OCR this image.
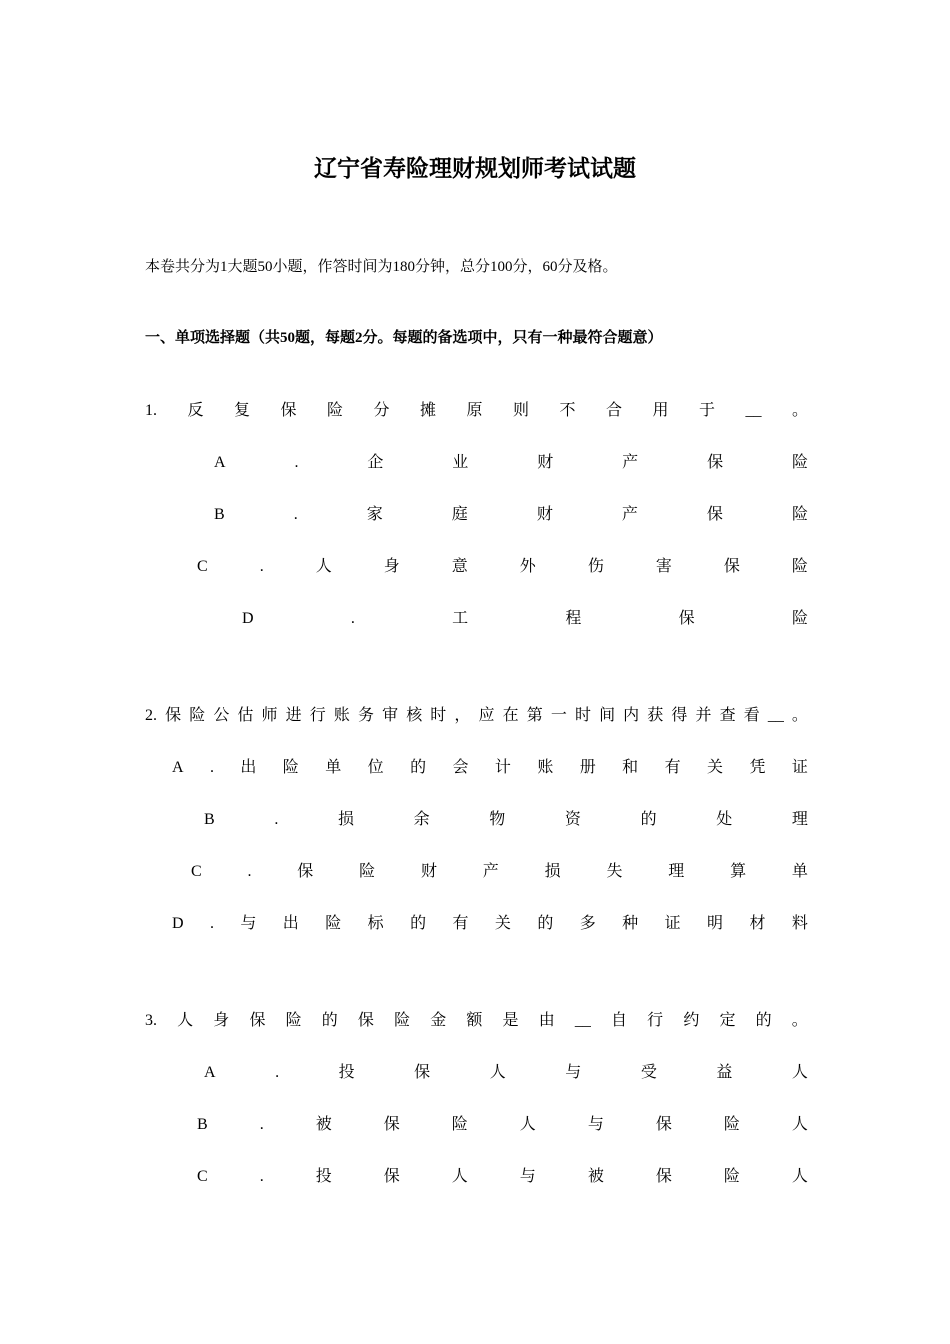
辽宁省寿险理财规划师考试试题

本卷共分为1大题50小题，作答时间为180分钟，总分100分，60分及格。

一、单项选择题（共50题，每题2分。每题的备选项中，只有一种最符合题意）

1. 反 复 保 险 分 摊 原 则 不 合 用 于 __ 。
A	.	企	业	财	产	保	险
B	.	家	庭	财	产	保	险
C	.	人	身	意	外	伤	害	保	险
D	.	工	程	保	险
2. 保 险 公 估 师 进 行 账 务 审 核 时 ， 应 在 第 一 时 间 内 获 得 并 查 看 __ 。
A . 出 险 单 位 的 会 计 账 册 和 有 关 凭 证
B	.	损	余	物	资	的	处	理
C	.	保	险	财	产	损	失	理	算	单
D . 与 出 险 标 的 有 关 的 多 种 证 明 材 料
3. 人 身 保 险 的 保 险 金 额 是 由 __ 自 行 约 定 的 。
A	.	投	保	人	与	受	益	人
B	.	被	保	险	人	与	保	险	人
C	.	投	保	人	与	被	保	险	人
